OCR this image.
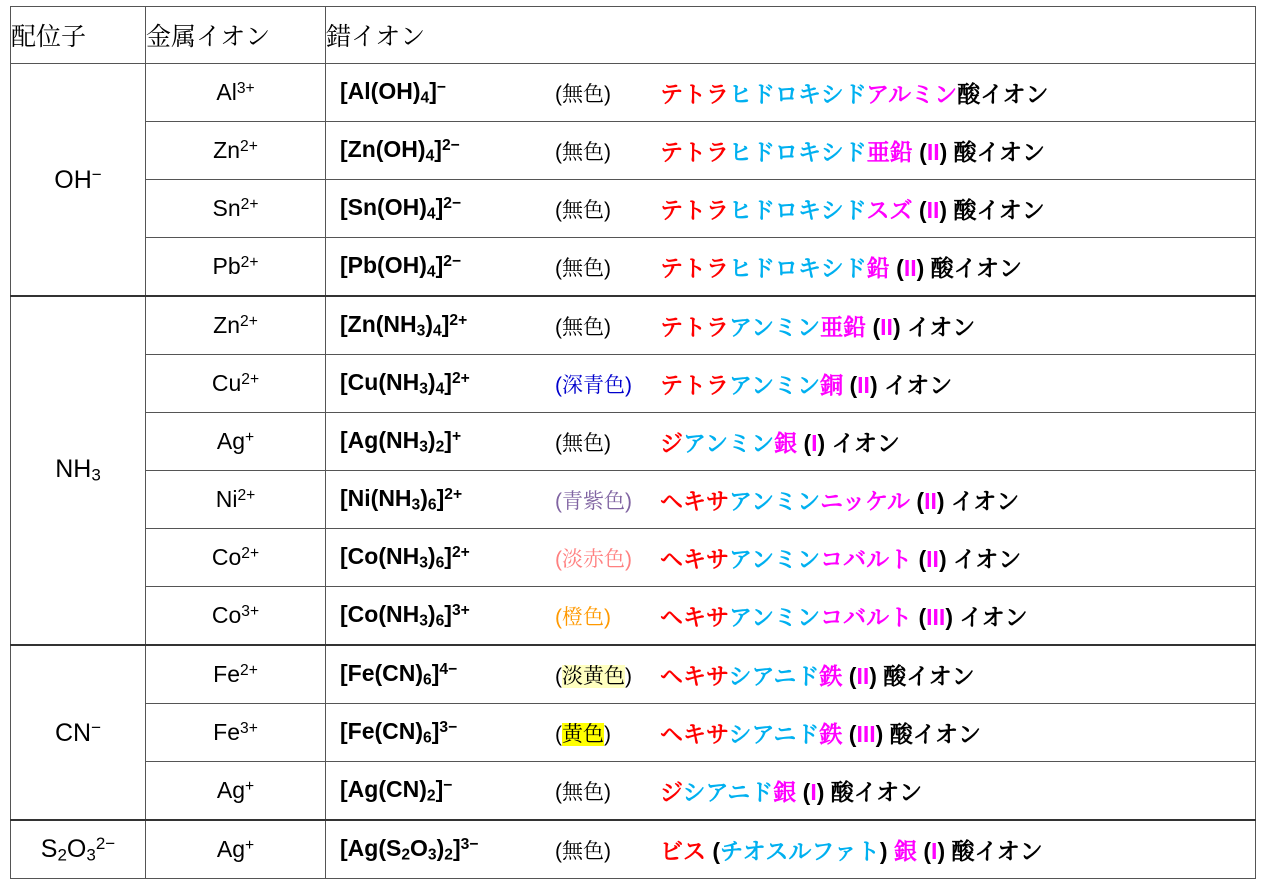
配位子	金属イオン	錯イオン
OH−	$Al^{3+}$	$[Al(OH)_4]^-$ (無色) テトラヒドロキシドアルミン酸イオン

	$Zn^{2+}$	$[Zn(OH)_4]^{2-}$ (無色) テトラヒドロキシド亜鉛 (II) 酸イオン

	$Sn^{2+}$	$[Sn(OH)_4]^{2-}$ (無色) テトラヒドロキシドスズ (II) 酸イオン

	$Pb^{2+}$	$[Pb(OH)_4]^{2-}$ (無色) テトラヒドロキシド鉛 (II) 酸イオン

$NH_3$	$Zn^{2+}$	$[Zn(NH_3)_4]^{2+}$ (無色) テトラアンミン亜鉛 (II) イオン

	$Cu^{2+}$	$[Cu(NH_3)_4]^{2+}$ (深青色) テトラアンミン銅 (II) イオン

	Ag+	$[Ag(NH_3)_2]^+$ (無色) ジアンミン銀 (I) イオン

	$Ni^{2+}$	$[Ni(NH_3)_6]^{2+}$ (青紫色) ヘキサアンミンニッケル (II) イオン

	$Co^{2+}$	$[Co(NH_3)_6]^{2+}$ (淡赤色) ヘキサアンミンコバルト (II) イオン

	$Co^{3+}$	$[Co(NH_3)_6]^{3+}$ (橙色) ヘキサアンミンコバルト (III) イオン

CN−	$Fe^{2+}$	$[Fe(CN)_6]^{4-}$ (淡黄色) ヘキサシアニド鉄 (II) 酸イオン

	$Fe^{3+}$	$[Fe(CN)_6]^{3-}$ (黄色) ヘキサシアニド鉄 (III) 酸イオン

	Ag+	$[Ag(CN)_2]^-$ (無色) ジシアニド銀 (I) 酸イオン

$S_2O_3^{2-}$	Ag+	$[Ag(S_2O_3)_2]^{3-}$ (無色) ビス (チオスルファト) 銀 (I) 酸イオン
